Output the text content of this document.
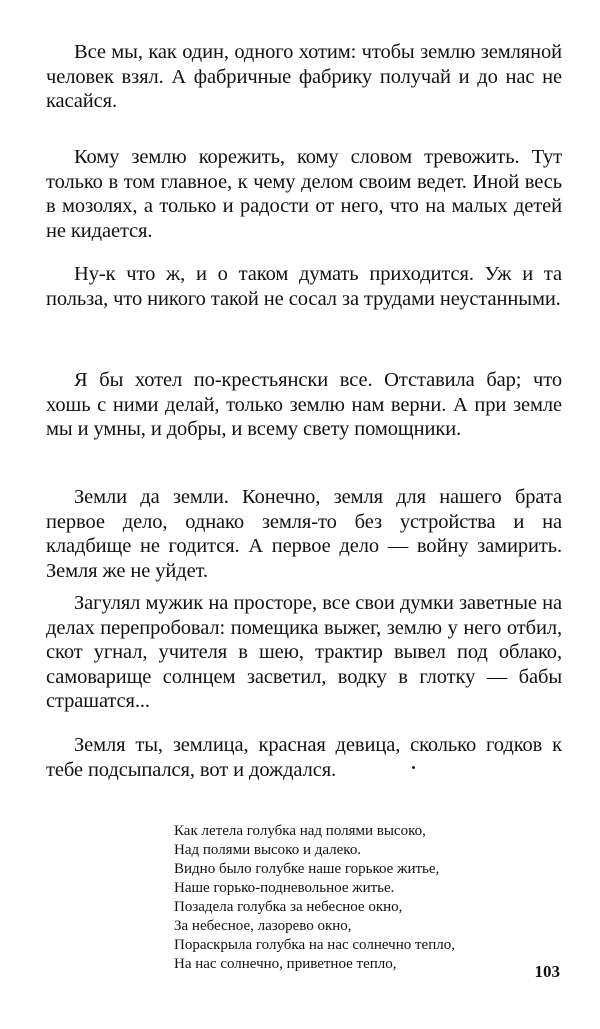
Все мы, как один, одного хотим: чтобы землю земляной человек взял. А фабричные фабрику получай и до нас не касайся.

Кому землю корежить, кому словом тревожить. Тут только в том главное, к чему делом своим ведет. Иной весь в мозолях, а только и радости от него, что на малых детей не кидается.

Ну-к что ж, и о таком думать приходится. Уж и та польза, что никого такой не сосал за трудами неустанными.

Я бы хотел по-крестьянски все. Отставила бар; что хошь с ними делай, только землю нам верни. А при земле мы и умны, и добры, и всему свету помощники.

Земли да земли. Конечно, земля для нашего брата первое дело, однако земля-то без устройства и на кладбище не годится. А первое дело — войну замирить. Земля же не уйдет.

Загулял мужик на просторе, все свои думки заветные на делах перепробовал: помещика выжег, землю у него отбил, скот угнал, учителя в шею, трактир вывел под облако, самоварище солнцем засветил, водку в глотку — бабы страшатся...

Земля ты, землица, красная девица, сколько годков к тебе подсыпался, вот и дождался.

Как летела голубка над полями высоко,
Над полями высоко и далеко.
Видно было голубке наше горькое житье,
Наше горько-подневольное житье.
Позадела голубка за небесное окно,
За небесное, лазорево окно,
Пораскрыла голубка на нас солнечно тепло,
На нас солнечно, приветное тепло,	103
